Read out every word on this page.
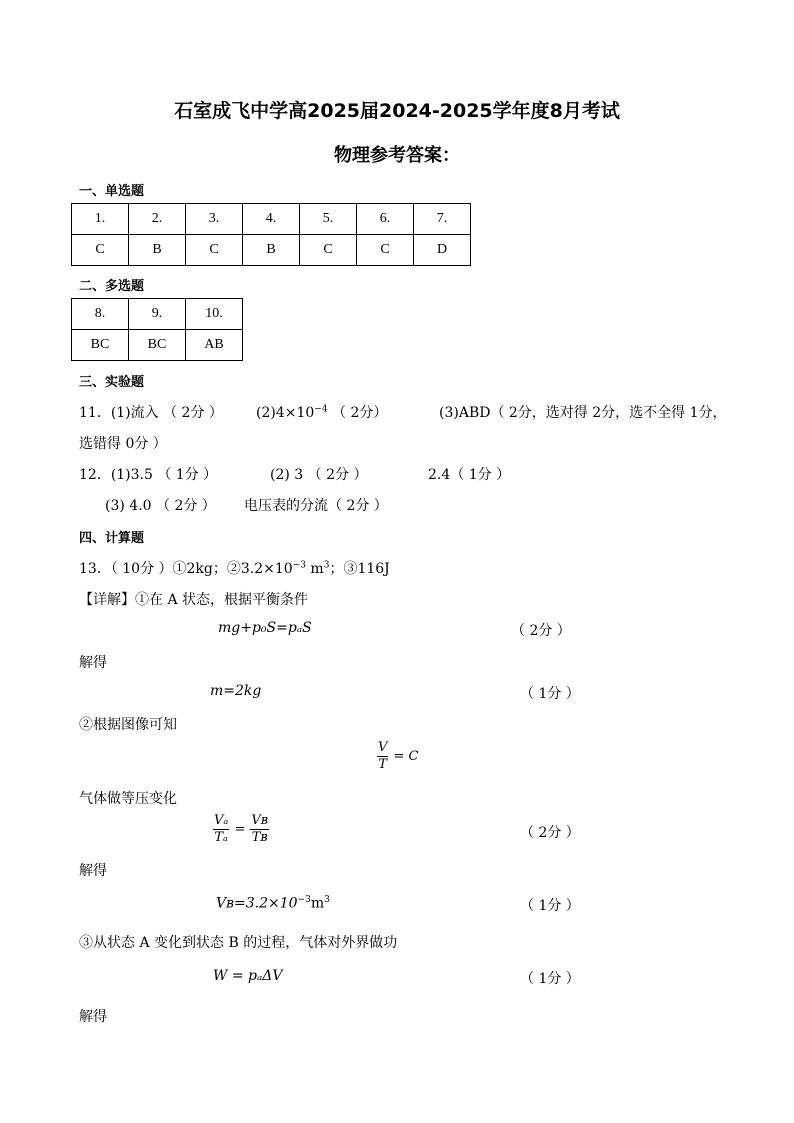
石室成飞中学高2025届2024-2025学年度8月考试
物理参考答案：
一、单选题
1.	2.	3.	4.	5.	6.	7.
C	B	C	B	C	C	D
二、多选题
8.	9.	10.
BC	BC	AB
三、实验题
11．(1)流入 （ 2分 ） $(2)4\times 10^{-4}$ （ 2分）	(3)ABD（ 2分，选对得 2分，选不全得 1分，
选错得 0分 ）
12．(1)3.5 （ 1分 ）	(2) 3 （ 2分 ）	2.4（ 1分 ）
(3) 4.0 （ 2分 ） 电压表的分流（ 2分 ）
四、计算题
13．（ 10分 ）①2kg；$②3.2\times 10^{-3}$ $m^3$；③116J
【详解】①在 A 状态，根据平衡条件
mg+p₀S=pₐS	（ 2分 ）
解得
m=2kg	（ 1分 ）
②根据图像可知
$\frac{V}{T} = C$
气体做等压变化
$\frac{\text{Vₐ}}{\text{Tₐ}} = \frac{\text{Vʙ}}{\text{Tʙ}}$	（ 2分 ）
解得
$Vʙ=3.2\times 10^{-3}m^3$	（ 1分 ）
③从状态 A 变化到状态 B 的过程，气体对外界做功
W = pₐΔV	（ 1分 ）
解得
